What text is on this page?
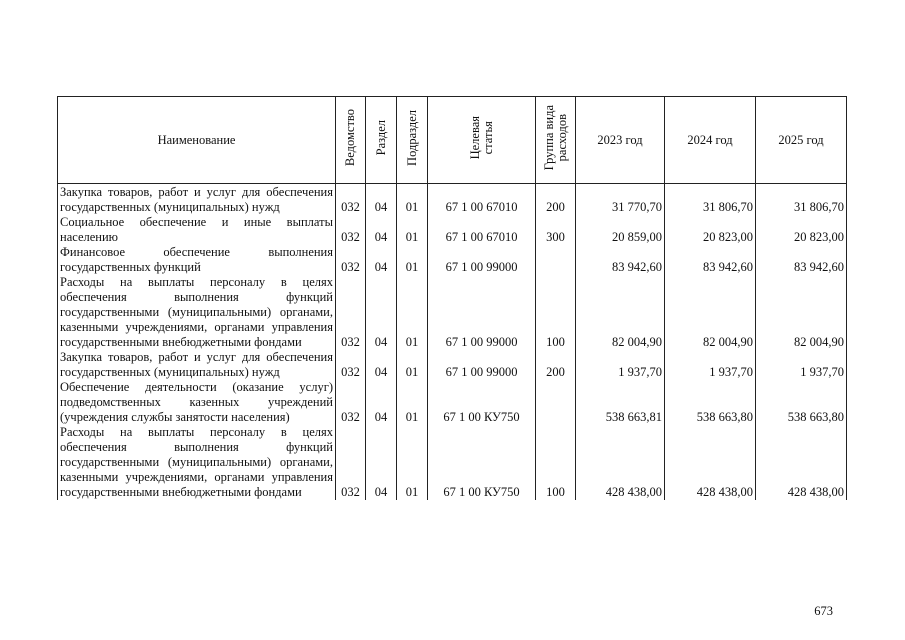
Наименование	Ведомство	Раздел	Подраздел	Целевая
статья	Группа вида
расходов	2023 год	2024 год	2025 год
Закупка товаров, работ и услуг для обеспечения государственных (муниципальных) нужд	032	04	01	67 1 00 67010	200	31 770,70	31 806,70	31 806,70
Социальное обеспечение и иные выплаты населению	032	04	01	67 1 00 67010	300	20 859,00	20 823,00	20 823,00
Финансовое обеспечение выполнения государственных функций	032	04	01	67 1 00 99000		83 942,60	83 942,60	83 942,60
Расходы на выплаты персоналу в целях обеспечения выполнения функций государственными (муниципальными) органами, казенными учреждениями, органами управления государственными внебюджетными фондами	032	04	01	67 1 00 99000	100	82 004,90	82 004,90	82 004,90
Закупка товаров, работ и услуг для обеспечения государственных (муниципальных) нужд	032	04	01	67 1 00 99000	200	1 937,70	1 937,70	1 937,70
Обеспечение деятельности (оказание услуг) подведомственных казенных учреждений (учреждения службы занятости населения)	032	04	01	67 1 00 КУ750		538 663,81	538 663,80	538 663,80
Расходы на выплаты персоналу в целях обеспечения выполнения функций государственными (муниципальными) органами, казенными учреждениями, органами управления государственными внебюджетными фондами	032	04	01	67 1 00 КУ750	100	428 438,00	428 438,00	428 438,00
673
